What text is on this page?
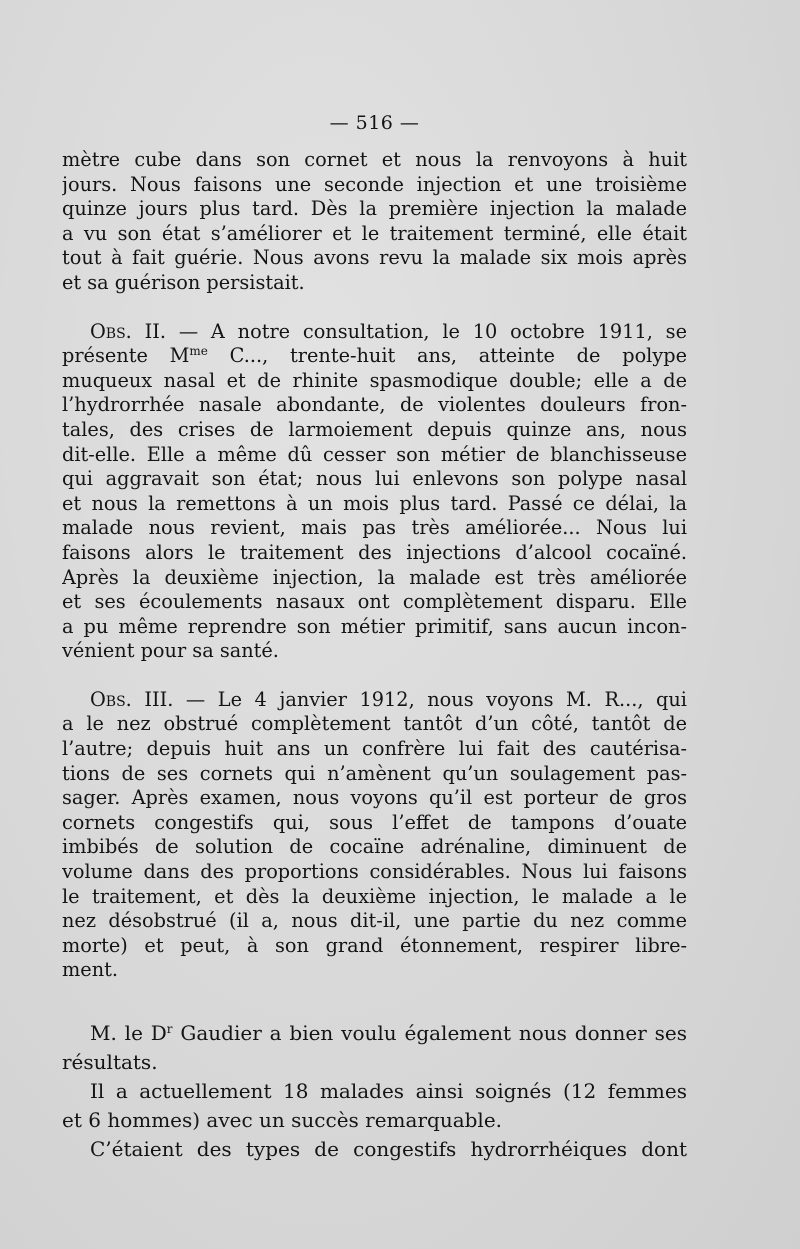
— 516 —

mètre cube dans son cornet et nous la renvoyons à huit
jours. Nous faisons une seconde injection et une troisième
quinze jours plus tard. Dès la première injection la malade
a vu son état s’améliorer et le traitement terminé, elle était
tout à fait guérie. Nous avons revu la malade six mois après
et sa guérison persistait.

Obs. II. — A notre consultation, le 10 octobre 1911, se
présente $M^{me}$ C..., trente-huit ans, atteinte de polype
muqueux nasal et de rhinite spasmodique double; elle a de
l’hydrorrhée nasale abondante, de violentes douleurs fron-
tales, des crises de larmoiement depuis quinze ans, nous
dit-elle. Elle a même dû cesser son métier de blanchisseuse
qui aggravait son état; nous lui enlevons son polype nasal
et nous la remettons à un mois plus tard. Passé ce délai, la
malade nous revient, mais pas très améliorée... Nous lui
faisons alors le traitement des injections d’alcool cocaïné.
Après la deuxième injection, la malade est très améliorée
et ses écoulements nasaux ont complètement disparu. Elle
a pu même reprendre son métier primitif, sans aucun incon-
vénient pour sa santé.

Obs. III. — Le 4 janvier 1912, nous voyons M. R..., qui
a le nez obstrué complètement tantôt d’un côté, tantôt de
l’autre; depuis huit ans un confrère lui fait des cautérisa-
tions de ses cornets qui n’amènent qu’un soulagement pas-
sager. Après examen, nous voyons qu’il est porteur de gros
cornets congestifs qui, sous l’effet de tampons d’ouate
imbibés de solution de cocaïne adrénaline, diminuent de
volume dans des proportions considérables. Nous lui faisons
le traitement, et dès la deuxième injection, le malade a le
nez désobstrué (il a, nous dit-il, une partie du nez comme
morte) et peut, à son grand étonnement, respirer libre-
ment.

M. le $D^r$ Gaudier a bien voulu également nous donner ses
résultats.

Il a actuellement 18 malades ainsi soignés (12 femmes
et 6 hommes) avec un succès remarquable.

C’étaient des types de congestifs hydrorrhéiques dont
